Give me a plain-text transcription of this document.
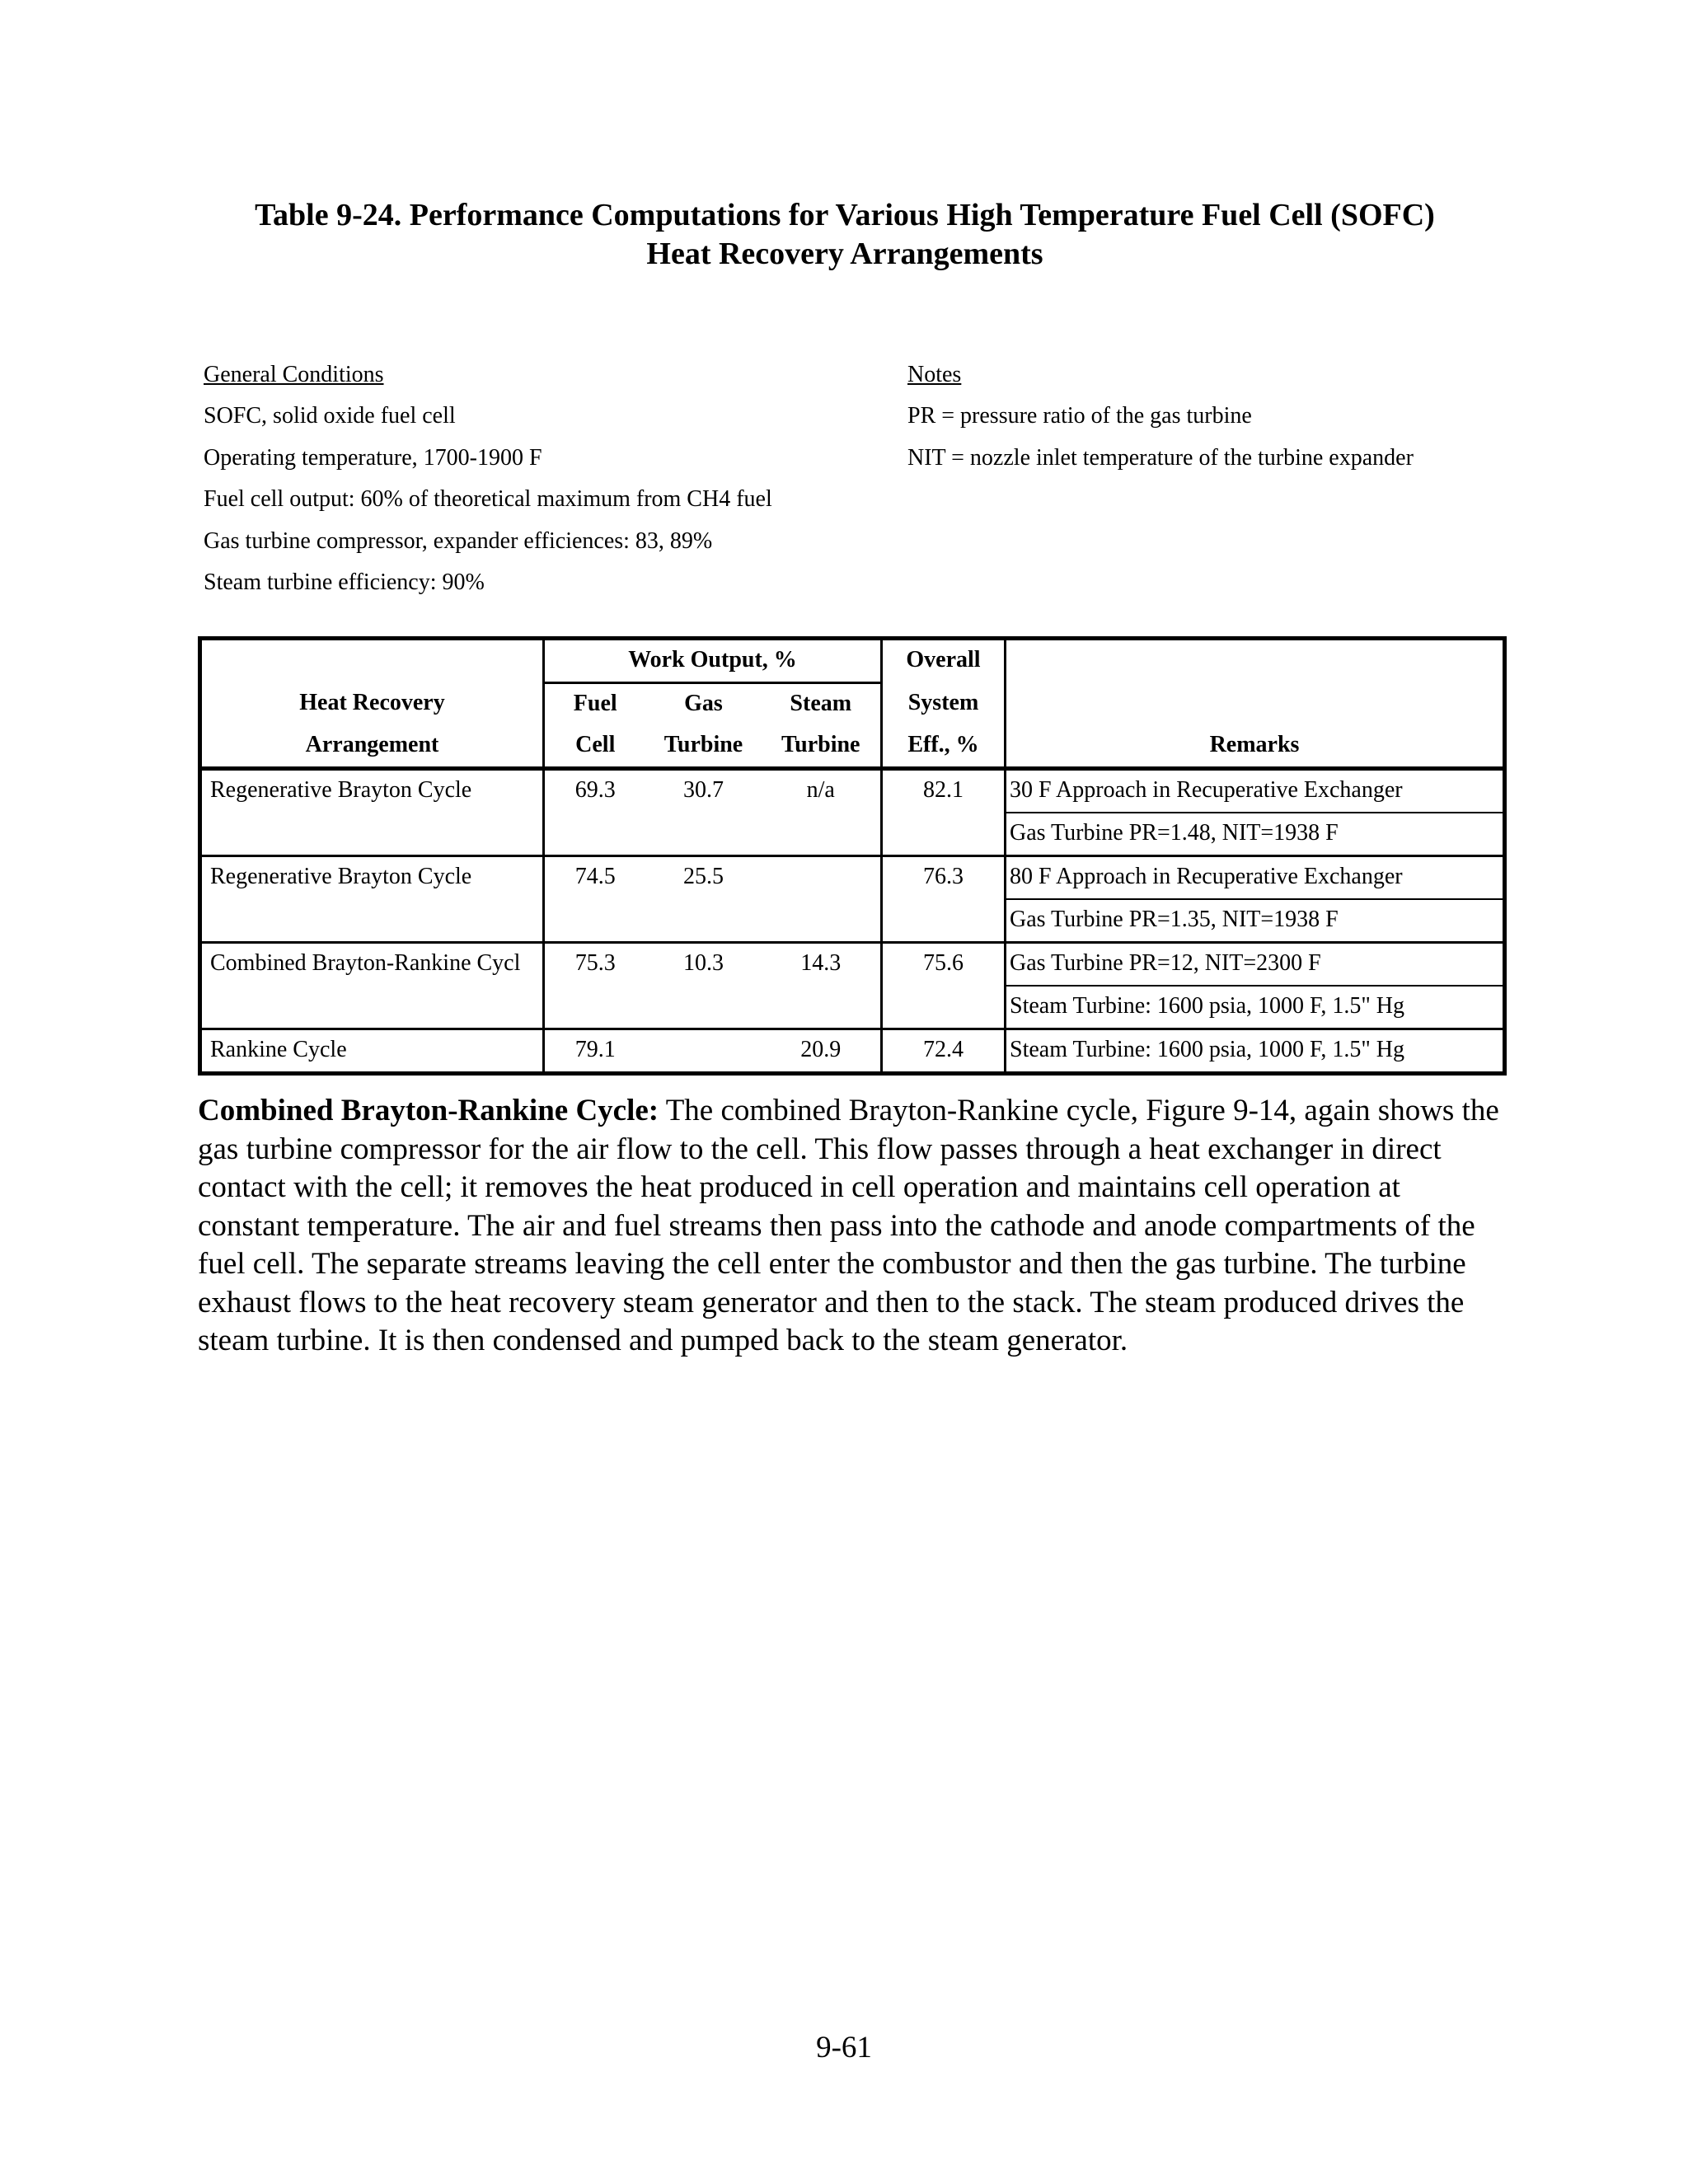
Table 9-24. Performance Computations for Various High Temperature Fuel Cell (SOFC)
Heat Recovery Arrangements
General Conditions
SOFC, solid oxide fuel cell
Operating temperature, 1700-1900 F
Fuel cell output: 60% of theoretical maximum from CH4 fuel
Gas turbine compressor, expander efficiences: 83, 89%
Steam turbine efficiency: 90%
Notes
PR = pressure ratio of the gas turbine
NIT = nozzle inlet temperature of the turbine expander
	Work Output, %			Overall	
Heat Recovery	Fuel	Gas	Steam	System	
Arrangement	Cell	Turbine	Turbine	Eff., %	Remarks
Regenerative Brayton Cycle	69.3	30.7	n/a	82.1	30 F Approach in Recuperative Exchanger
					Gas Turbine PR=1.48, NIT=1938 F
Regenerative Brayton Cycle	74.5	25.5		76.3	80 F Approach in Recuperative Exchanger
					Gas Turbine PR=1.35, NIT=1938 F
Combined Brayton-Rankine Cycl	75.3	10.3	14.3	75.6	Gas Turbine PR=12, NIT=2300 F
					Steam Turbine: 1600 psia, 1000 F, 1.5" Hg
Rankine Cycle	79.1		20.9	72.4	Steam Turbine: 1600 psia, 1000 F, 1.5" Hg
Combined Brayton-Rankine Cycle: The combined Brayton-Rankine cycle, Figure 9-14, again shows the gas turbine compressor for the air flow to the cell. This flow passes through a heat exchanger in direct contact with the cell; it removes the heat produced in cell operation and maintains cell operation at constant temperature. The air and fuel streams then pass into the cathode and anode compartments of the fuel cell. The separate streams leaving the cell enter the combustor and then the gas turbine. The turbine exhaust flows to the heat recovery steam generator and then to the stack. The steam produced drives the steam turbine. It is then condensed and pumped back to the steam generator.
9-61
